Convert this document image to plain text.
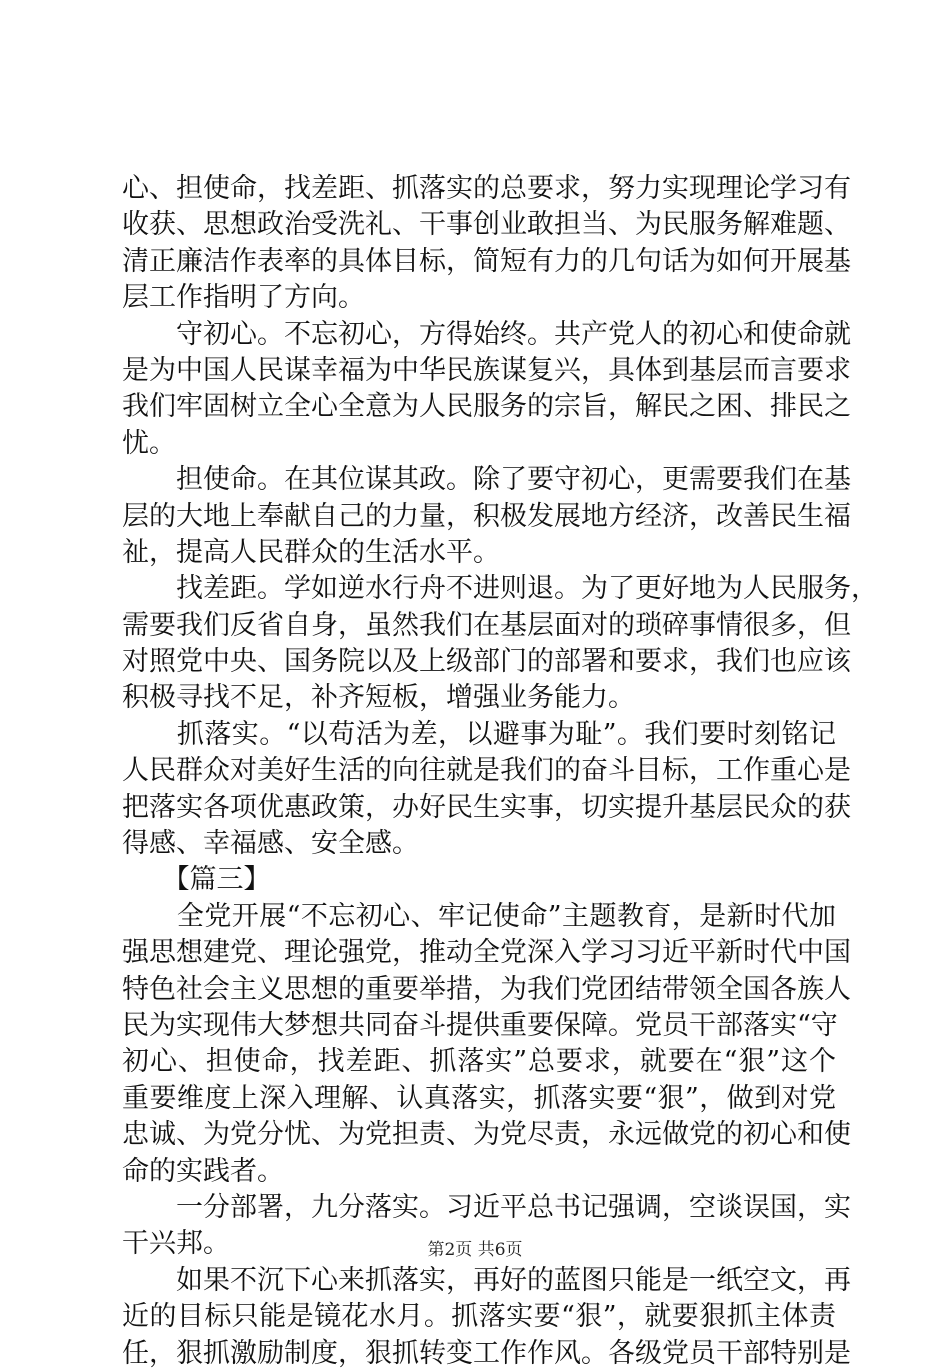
心、担使命，找差距、抓落实的总要求，努力实现理论学习有
收获、思想政治受洗礼、干事创业敢担当、为民服务解难题、
清正廉洁作表率的具体目标，简短有力的几句话为如何开展基
层工作指明了方向。
　　守初心。不忘初心，方得始终。共产党人的初心和使命就
是为中国人民谋幸福为中华民族谋复兴，具体到基层而言要求
我们牢固树立全心全意为人民服务的宗旨，解民之困、排民之
忧。
　　担使命。在其位谋其政。除了要守初心，更需要我们在基
层的大地上奉献自己的力量，积极发展地方经济，改善民生福
祉，提高人民群众的生活水平。
　　找差距。学如逆水行舟不进则退。为了更好地为人民服务，
需要我们反省自身，虽然我们在基层面对的琐碎事情很多，但
对照党中央、国务院以及上级部门的部署和要求，我们也应该
积极寻找不足，补齐短板，增强业务能力。
　　抓落实。“以苟活为差，以避事为耻”。我们要时刻铭记
人民群众对美好生活的向往就是我们的奋斗目标，工作重心是
把落实各项优惠政策，办好民生实事，切实提升基层民众的获
得感、幸福感、安全感。
　　【篇三】
　　全党开展“不忘初心、牢记使命”主题教育，是新时代加
强思想建党、理论强党，推动全党深入学习习近平新时代中国
特色社会主义思想的重要举措，为我们党团结带领全国各族人
民为实现伟大梦想共同奋斗提供重要保障。党员干部落实“守
初心、担使命，找差距、抓落实”总要求，就要在“狠”这个
重要维度上深入理解、认真落实，抓落实要“狠”，做到对党
忠诚、为党分忧、为党担责、为党尽责，永远做党的初心和使
命的实践者。
　　一分部署，九分落实。习近平总书记强调，空谈误国，实
干兴邦。
　　如果不沉下心来抓落实，再好的蓝图只能是一纸空文，再
近的目标只能是镜花水月。抓落实要“狠”，就要狠抓主体责
任，狠抓激励制度，狠抓转变工作作风。各级党员干部特别是
第2页 共6页
